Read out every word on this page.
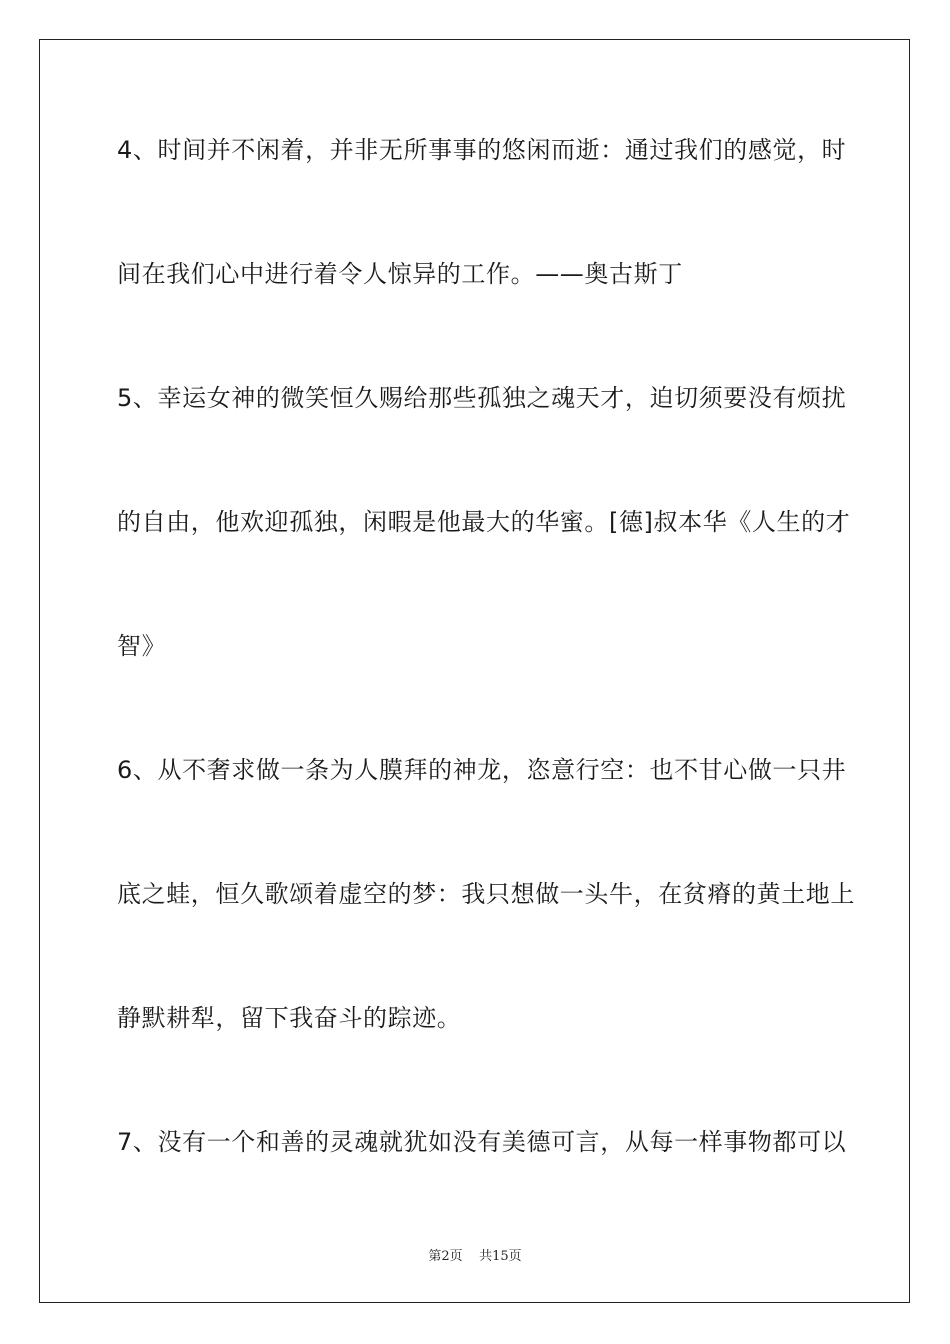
4、时间并不闲着，并非无所事事的悠闲而逝：通过我们的感觉，时
间在我们心中进行着令人惊异的工作。——奥古斯丁
5、幸运女神的微笑恒久赐给那些孤独之魂天才，迫切须要没有烦扰
的自由，他欢迎孤独，闲暇是他最大的华蜜。[德]叔本华《人生的才
智》
6、从不奢求做一条为人膜拜的神龙，恣意行空：也不甘心做一只井
底之蛙，恒久歌颂着虚空的梦：我只想做一头牛，在贫瘠的黄土地上
静默耕犁，留下我奋斗的踪迹。
7、没有一个和善的灵魂就犹如没有美德可言，从每一样事物都可以
第2页 共15页
